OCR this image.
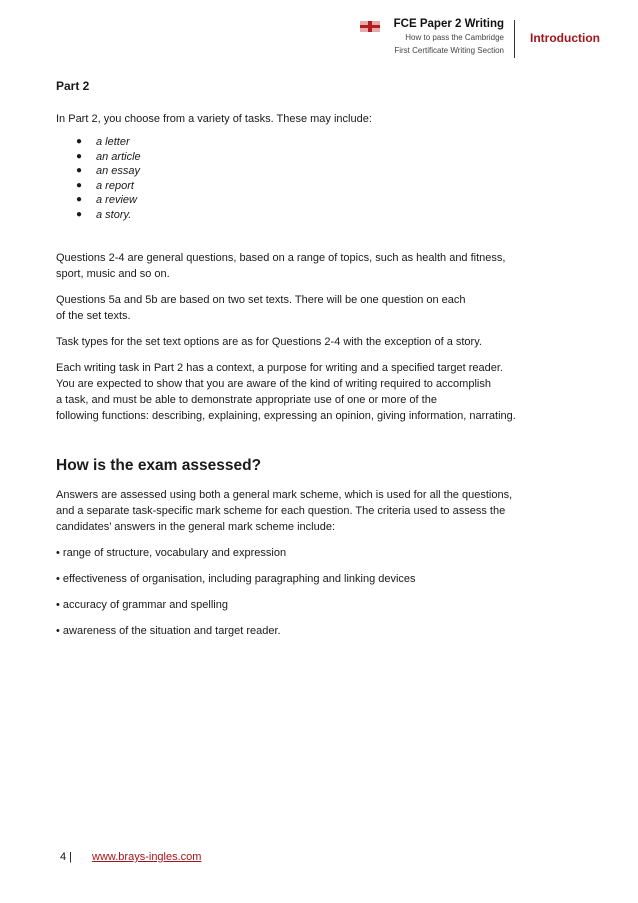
FCE Paper 2 Writing
How to pass the Cambridge
First Certificate Writing Section
Introduction
Part 2

In Part 2, you choose from a variety of tasks. These may include:

● a letter
● an article
● an essay
● a report
● a review
● a story.
Questions 2-4 are general questions, based on a range of topics, such as health and fitness,
sport, music and so on.
Questions 5a and 5b are based on two set texts. There will be one question on each
of the set texts.
Task types for the set text options are as for Questions 2-4 with the exception of a story.
Each writing task in Part 2 has a context, a purpose for writing and a specified target reader.
You are expected to show that you are aware of the kind of writing required to accomplish
a task, and must be able to demonstrate appropriate use of one or more of the
following functions: describing, explaining, expressing an opinion, giving information, narrating.
How is the exam assessed?
Answers are assessed using both a general mark scheme, which is used for all the questions,
and a separate task-specific mark scheme for each question. The criteria used to assess the
candidates’ answers in the general mark scheme include:
• range of structure, vocabulary and expression
• effectiveness of organisation, including paragraphing and linking devices
• accuracy of grammar and spelling
• awareness of the situation and target reader.
4 | www.brays-ingles.com
